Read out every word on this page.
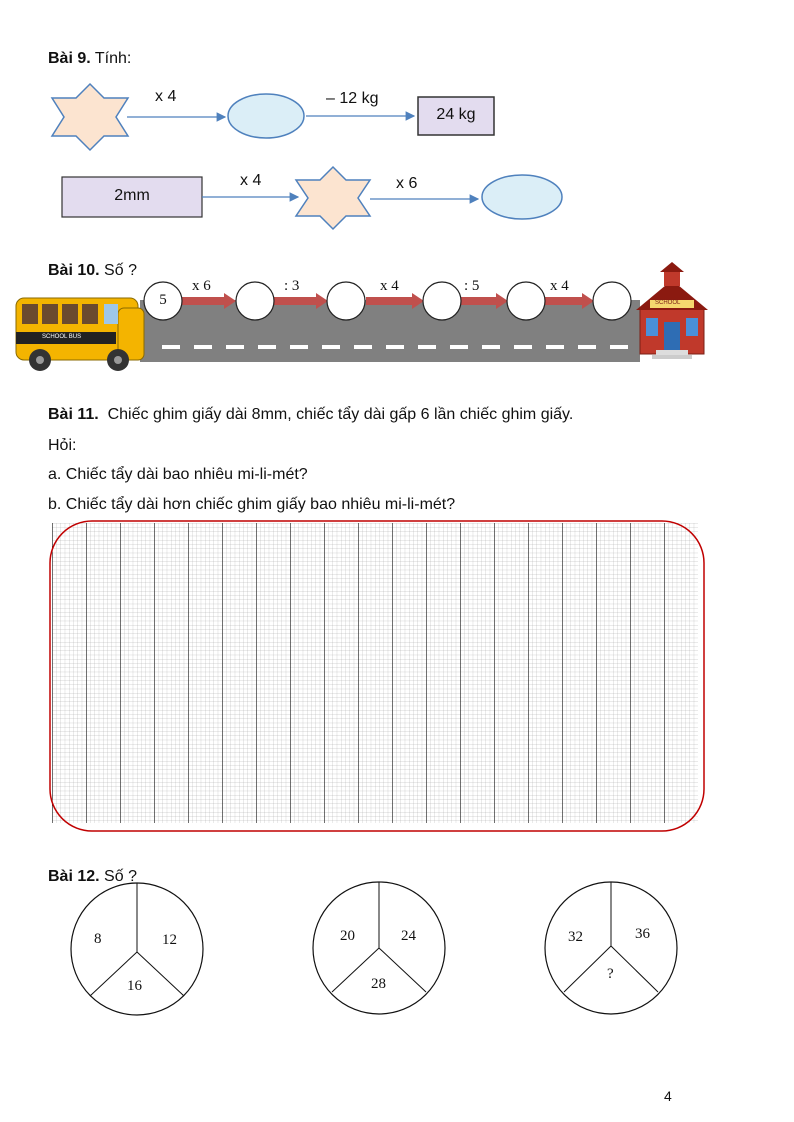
Bài 9. Tính:
x 4	– 12 kg
24 kg
2mm
x 4	x 6
Bài 10. Số ?
5
x 6	: 3	x 4	: 5	x 4
SCHOOL BUS
SCHOOL
Bài 11. Chiếc ghim giấy dài 8mm, chiếc tẩy dài gấp 6 lần chiếc ghim giấy.
Hỏi:
a. Chiếc tẩy dài bao nhiêu mi-li-mét?
b. Chiếc tẩy dài hơn chiếc ghim giấy bao nhiêu mi-li-mét?
Bài 12. Số ?
8	12
16
20	24
28
32	36
?
4
